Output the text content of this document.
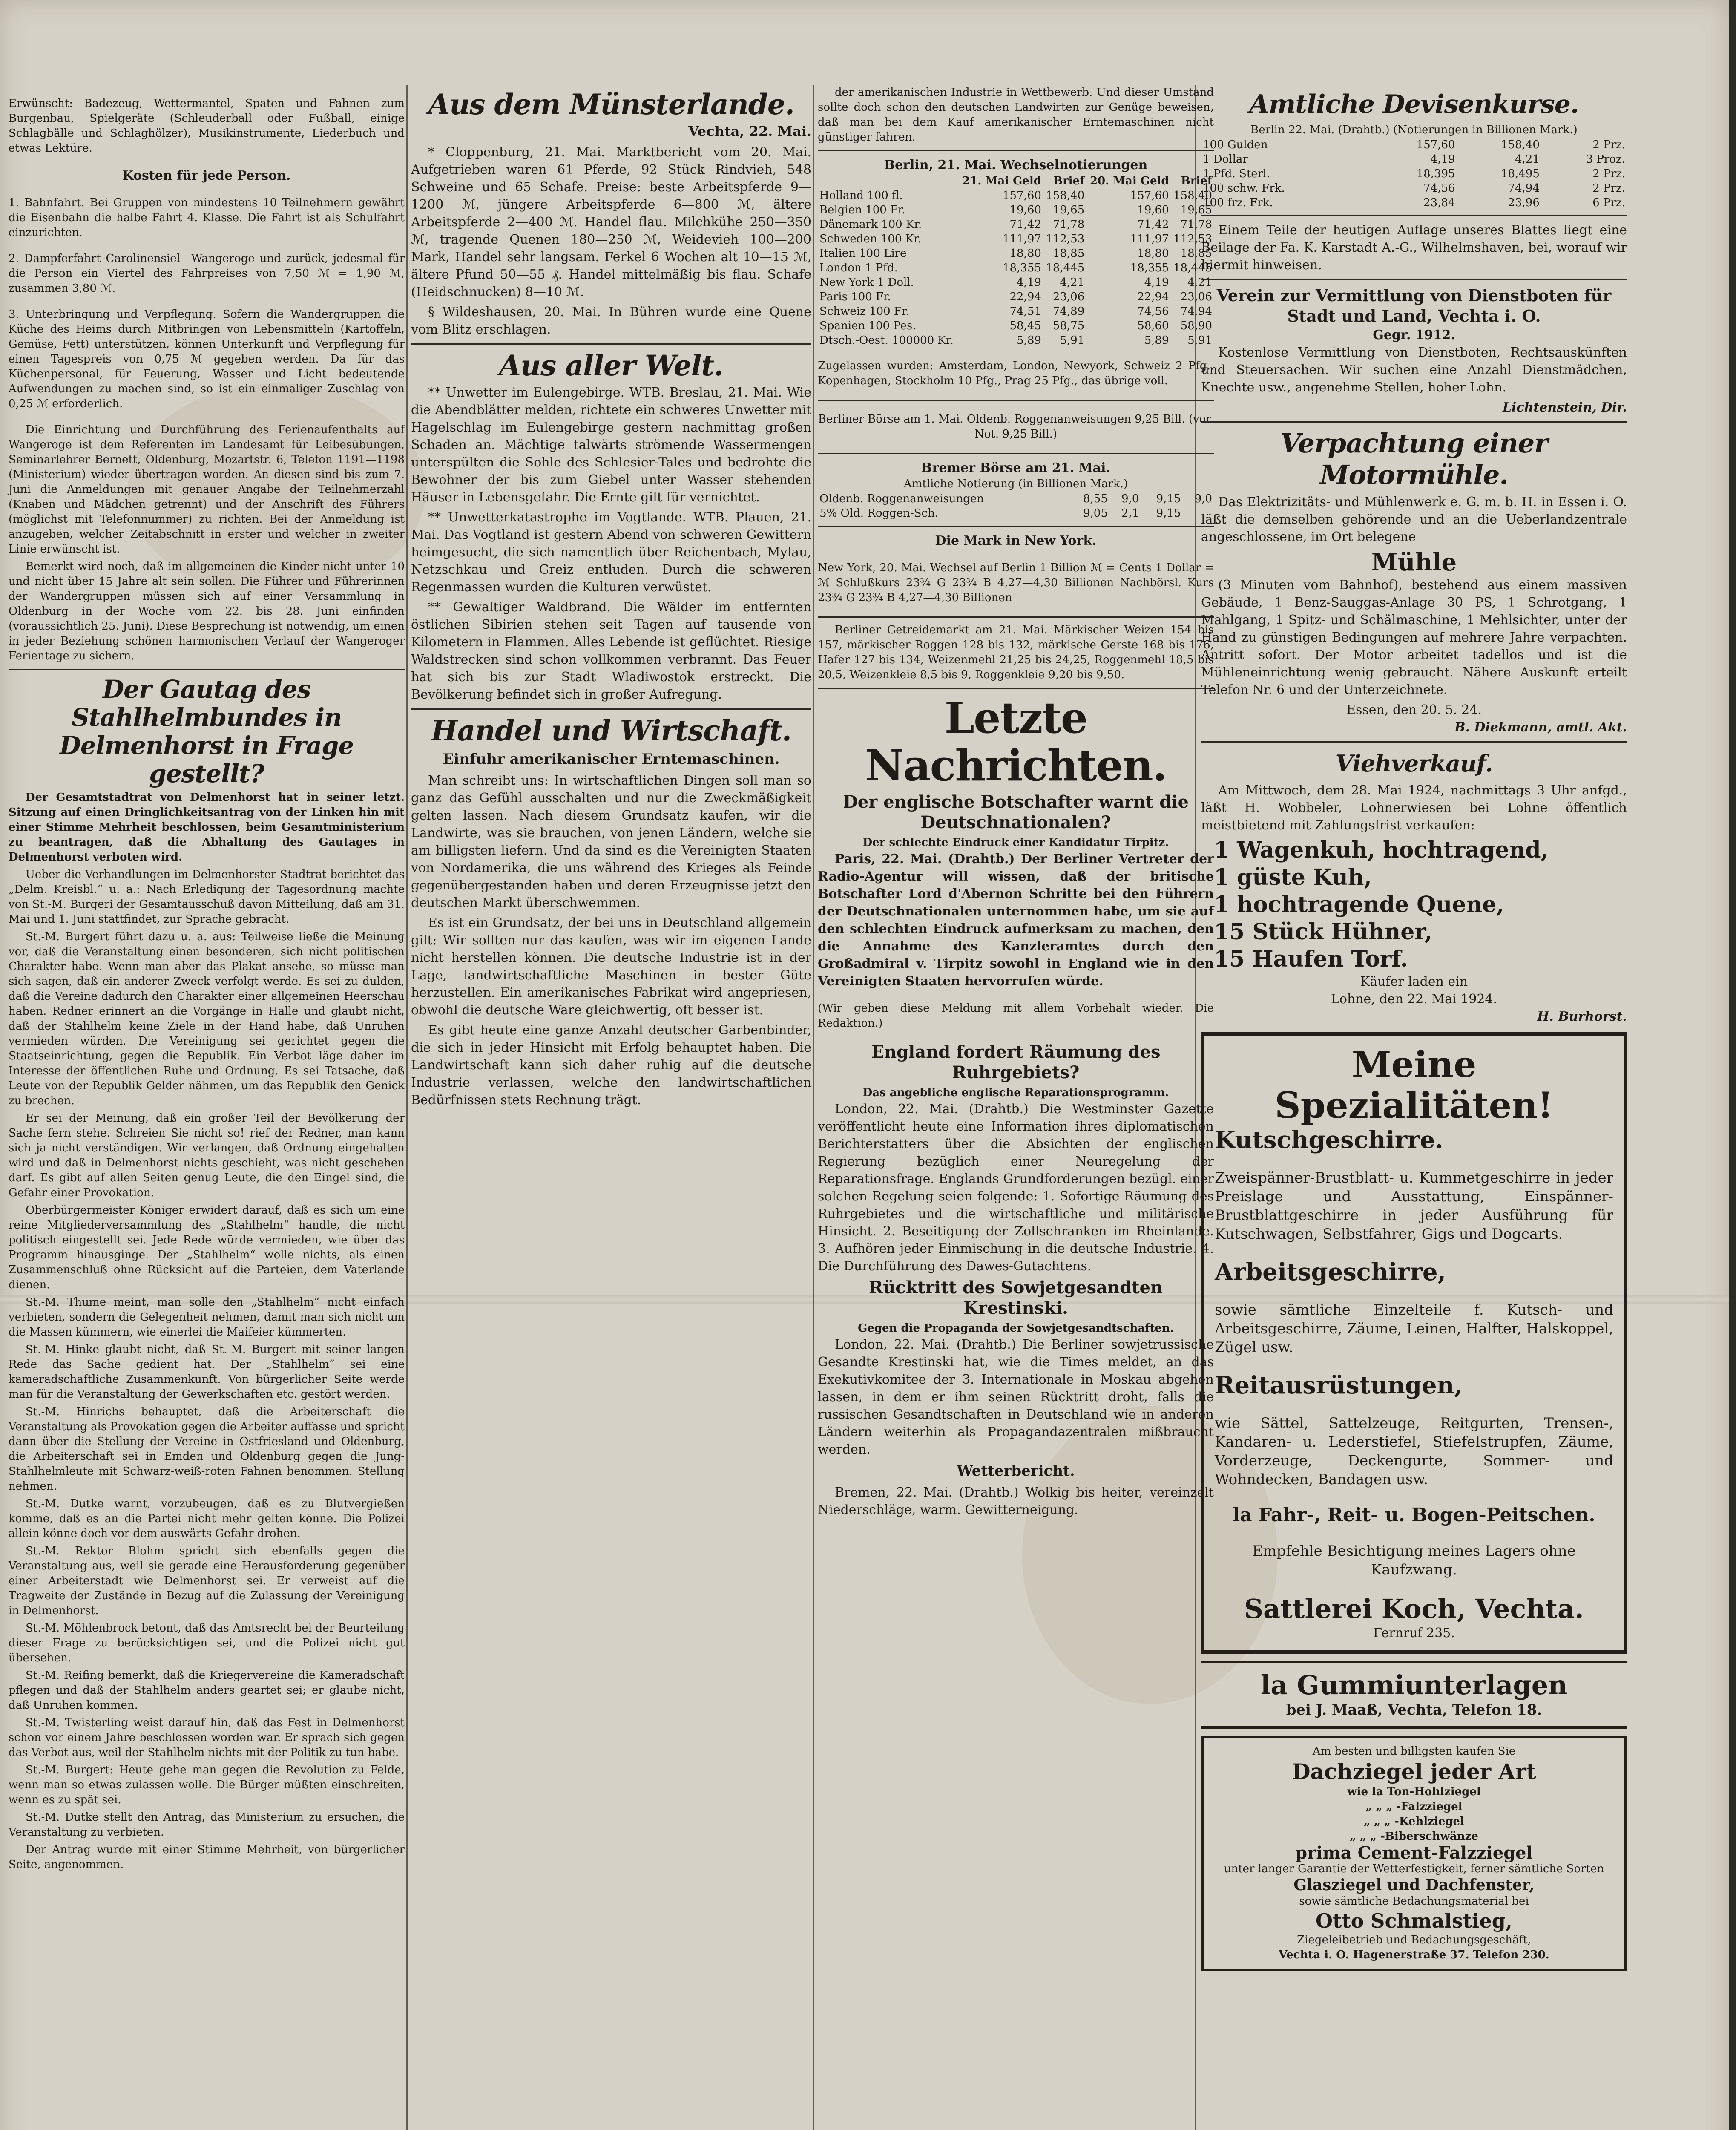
Erwünscht: Badezeug, Wettermantel, Spaten und Fahnen zum Burgenbau, Spielgeräte (Schleuderball oder Fußball, einige Schlagbälle und Schlaghölzer), Musikinstrumente, Liederbuch und etwas Lektüre.

Kosten für jede Person.

1. Bahnfahrt. Bei Gruppen von mindestens 10 Teilnehmern gewährt die Eisenbahn die halbe Fahrt 4. Klasse. Die Fahrt ist als Schulfahrt einzurichten.

2. Dampferfahrt Carolinensiel—Wangeroge und zurück, jedesmal für die Person ein Viertel des Fahrpreises von 7,50 ℳ = 1,90 ℳ, zusammen 3,80 ℳ.

3. Unterbringung und Verpflegung. Sofern die Wandergruppen die Küche des Heims durch Mitbringen von Lebensmitteln (Kartoffeln, Gemüse, Fett) unterstützen, können Unterkunft und Verpflegung für einen Tagespreis von 0,75 ℳ gegeben werden. Da für das Küchenpersonal, für Feuerung, Wasser und Licht bedeutende Aufwendungen zu machen sind, so ist ein einmaliger Zuschlag von 0,25 ℳ erforderlich.

Die Einrichtung und Durchführung des Ferienaufenthalts auf Wangeroge ist dem Referenten im Landesamt für Leibesübungen, Seminarlehrer Bernett, Oldenburg, Mozartstr. 6, Telefon 1191—1198 (Ministerium) wieder übertragen worden. An diesen sind bis zum 7. Juni die Anmeldungen mit genauer Angabe der Teilnehmerzahl (Knaben und Mädchen getrennt) und der Anschrift des Führers (möglichst mit Telefonnummer) zu richten. Bei der Anmeldung ist anzugeben, welcher Zeitabschnitt in erster und welcher in zweiter Linie erwünscht ist.

Bemerkt wird noch, daß im allgemeinen die Kinder nicht unter 10 und nicht über 15 Jahre alt sein sollen. Die Führer und Führerinnen der Wandergruppen müssen sich auf einer Versammlung in Oldenburg in der Woche vom 22. bis 28. Juni einfinden (voraussichtlich 25. Juni). Diese Besprechung ist notwendig, um einen in jeder Beziehung schönen harmonischen Verlauf der Wangeroger Ferientage zu sichern.

Der Gautag des Stahlhelmbundes in Delmenhorst in Frage gestellt?

Der Gesamtstadtrat von Delmenhorst hat in seiner letzt. Sitzung auf einen Dringlichkeitsantrag von der Linken hin mit einer Stimme Mehrheit beschlossen, beim Gesamtministerium zu beantragen, daß die Abhaltung des Gautages in Delmenhorst verboten wird.

Ueber die Verhandlungen im Delmenhorster Stadtrat berichtet das „Delm. Kreisbl.“ u. a.: Nach Erledigung der Tagesordnung machte von St.-M. Burgeri der Gesamtausschuß davon Mitteilung, daß am 31. Mai und 1. Juni stattfindet, zur Sprache gebracht.

St.-M. Burgert führt dazu u. a. aus: Teilweise ließe die Meinung vor, daß die Veranstaltung einen besonderen, sich nicht politischen Charakter habe. Wenn man aber das Plakat ansehe, so müsse man sich sagen, daß ein anderer Zweck verfolgt werde. Es sei zu dulden, daß die Vereine dadurch den Charakter einer allgemeinen Heerschau haben. Redner erinnert an die Vorgänge in Halle und glaubt nicht, daß der Stahlhelm keine Ziele in der Hand habe, daß Unruhen vermieden würden. Die Vereinigung sei gerichtet gegen die Staatseinrichtung, gegen die Republik. Ein Verbot läge daher im Interesse der öffentlichen Ruhe und Ordnung. Es sei Tatsache, daß Leute von der Republik Gelder nähmen, um das Republik den Genick zu brechen.

Er sei der Meinung, daß ein großer Teil der Bevölkerung der Sache fern stehe. Schreien Sie nicht so! rief der Redner, man kann sich ja nicht verständigen. Wir verlangen, daß Ordnung eingehalten wird und daß in Delmenhorst nichts geschieht, was nicht geschehen darf. Es gibt auf allen Seiten genug Leute, die den Eingel sind, die Gefahr einer Provokation.

Oberbürgermeister Königer erwidert darauf, daß es sich um eine reine Mitgliederversammlung des „Stahlhelm“ handle, die nicht politisch eingestellt sei. Jede Rede würde vermieden, wie über das Programm hinausginge. Der „Stahlhelm“ wolle nichts, als einen Zusammenschluß ohne Rücksicht auf die Parteien, dem Vaterlande dienen.

St.-M. Thume meint, man solle den „Stahlhelm“ nicht einfach verbieten, sondern die Gelegenheit nehmen, damit man sich nicht um die Massen kümmern, wie einerlei die Maifeier kümmerten.

St.-M. Hinke glaubt nicht, daß St.-M. Burgert mit seiner langen Rede das Sache gedient hat. Der „Stahlhelm“ sei eine kameradschaftliche Zusammenkunft. Von bürgerlicher Seite werde man für die Veranstaltung der Gewerkschaften etc. gestört werden.

St.-M. Hinrichs behauptet, daß die Arbeiterschaft die Veranstaltung als Provokation gegen die Arbeiter auffasse und spricht dann über die Stellung der Vereine in Ostfriesland und Oldenburg, die Arbeiterschaft sei in Emden und Oldenburg gegen die Jung-Stahlhelmleute mit Schwarz-weiß-roten Fahnen benommen. Stellung nehmen.

St.-M. Dutke warnt, vorzubeugen, daß es zu Blutvergießen komme, daß es an die Partei nicht mehr gelten könne. Die Polizei allein könne doch vor dem auswärts Gefahr drohen.

St.-M. Rektor Blohm spricht sich ebenfalls gegen die Veranstaltung aus, weil sie gerade eine Herausforderung gegenüber einer Arbeiterstadt wie Delmenhorst sei. Er verweist auf die Tragweite der Zustände in Bezug auf die Zulassung der Vereinigung in Delmenhorst.

St.-M. Möhlenbrock betont, daß das Amtsrecht bei der Beurteilung dieser Frage zu berücksichtigen sei, und die Polizei nicht gut übersehen.

St.-M. Reifing bemerkt, daß die Kriegervereine die Kameradschaft pflegen und daß der Stahlhelm anders geartet sei; er glaube nicht, daß Unruhen kommen.

St.-M. Twisterling weist darauf hin, daß das Fest in Delmenhorst schon vor einem Jahre beschlossen worden war. Er sprach sich gegen das Verbot aus, weil der Stahlhelm nichts mit der Politik zu tun habe.

St.-M. Burgert: Heute gehe man gegen die Revolution zu Felde, wenn man so etwas zulassen wolle. Die Bürger müßten einschreiten, wenn es zu spät sei.

St.-M. Dutke stellt den Antrag, das Ministerium zu ersuchen, die Veranstaltung zu verbieten.

Der Antrag wurde mit einer Stimme Mehrheit, von bürgerlicher Seite, angenommen.

Aus dem Münsterlande.
Vechta, 22. Mai.

* Cloppenburg, 21. Mai. Marktbericht vom 20. Mai. Aufgetrieben waren 61 Pferde, 92 Stück Rindvieh, 548 Schweine und 65 Schafe. Preise: beste Arbeitspferde 9—1200 ℳ, jüngere Arbeitspferde 6—800 ℳ, ältere Arbeitspferde 2—400 ℳ. Handel flau. Milchkühe 250—350 ℳ, tragende Quenen 180—250 ℳ, Weidevieh 100—200 Mark, Handel sehr langsam. Ferkel 6 Wochen alt 10—15 ℳ, ältere Pfund 50—55 ₰. Handel mittelmäßig bis flau. Schafe (Heidschnucken) 8—10 ℳ.

§ Wildeshausen, 20. Mai. In Bühren wurde eine Quene vom Blitz erschlagen.

Aus aller Welt.

** Unwetter im Eulengebirge. WTB. Breslau, 21. Mai. Wie die Abendblätter melden, richtete ein schweres Unwetter mit Hagelschlag im Eulengebirge gestern nachmittag großen Schaden an. Mächtige talwärts strömende Wassermengen unterspülten die Sohle des Schlesier-Tales und bedrohte die Bewohner der bis zum Giebel unter Wasser stehenden Häuser in Lebensgefahr. Die Ernte gilt für vernichtet.

** Unwetterkatastrophe im Vogtlande. WTB. Plauen, 21. Mai. Das Vogtland ist gestern Abend von schweren Gewittern heimgesucht, die sich namentlich über Reichenbach, Mylau, Netzschkau und Greiz entluden. Durch die schweren Regenmassen wurden die Kulturen verwüstet.

** Gewaltiger Waldbrand. Die Wälder im entfernten östlichen Sibirien stehen seit Tagen auf tausende von Kilometern in Flammen. Alles Lebende ist geflüchtet. Riesige Waldstrecken sind schon vollkommen verbrannt. Das Feuer hat sich bis zur Stadt Wladiwostok erstreckt. Die Bevölkerung befindet sich in großer Aufregung.

Handel und Wirtschaft.
Einfuhr amerikanischer Erntemaschinen.

Man schreibt uns: In wirtschaftlichen Dingen soll man so ganz das Gefühl ausschalten und nur die Zweckmäßigkeit gelten lassen. Nach diesem Grundsatz kaufen, wir die Landwirte, was sie brauchen, von jenen Ländern, welche sie am billigsten liefern. Und da sind es die Vereinigten Staaten von Nordamerika, die uns während des Krieges als Feinde gegenübergestanden haben und deren Erzeugnisse jetzt den deutschen Markt überschwemmen.

Es ist ein Grundsatz, der bei uns in Deutschland allgemein gilt: Wir sollten nur das kaufen, was wir im eigenen Lande nicht herstellen können. Die deutsche Industrie ist in der Lage, landwirtschaftliche Maschinen in bester Güte herzustellen. Ein amerikanisches Fabrikat wird angepriesen, obwohl die deutsche Ware gleichwertig, oft besser ist.

Es gibt heute eine ganze Anzahl deutscher Garbenbinder, die sich in jeder Hinsicht mit Erfolg behauptet haben. Die Landwirtschaft kann sich daher ruhig auf die deutsche Industrie verlassen, welche den landwirtschaftlichen Bedürfnissen stets Rechnung trägt.

der amerikanischen Industrie in Wettbewerb. Und dieser Umstand sollte doch schon den deutschen Landwirten zur Genüge beweisen, daß man bei dem Kauf amerikanischer Erntemaschinen nicht günstiger fahren.

Berlin, 21. Mai. Wechselnotierungen
	21. Mai Geld	Brief	20. Mai Geld	Brief
Holland 100 fl.	157,60	158,40	157,60	158,40
Belgien 100 Fr.	19,60	19,65	19,60	19,65
Dänemark 100 Kr.	71,42	71,78	71,42	71,78
Schweden 100 Kr.	111,97	112,53	111,97	112,53
Italien 100 Lire	18,80	18,85	18,80	18,85
London 1 Pfd.	18,355	18,445	18,355	18,445
New York 1 Doll.	4,19	4,21	4,19	4,21
Paris 100 Fr.	22,94	23,06	22,94	23,06
Schweiz 100 Fr.	74,51	74,89	74,56	74,94
Spanien 100 Pes.	58,45	58,75	58,60	58,90
Dtsch.-Oest. 100000 Kr.	5,89	5,91	5,89	5,91

Zugelassen wurden: Amsterdam, London, Newyork, Schweiz 2 Pfg., Kopenhagen, Stockholm 10 Pfg., Prag 25 Pfg., das übrige voll.

Berliner Börse am 1. Mai. Oldenb. Roggenanweisungen 9,25 Bill. (vor. Not. 9,25 Bill.)

Bremer Börse am 21. Mai.
Amtliche Notierung (in Billionen Mark.)
Oldenb. Roggenanweisungen	8,55	9,0	9,15	9,0
5% Old. Roggen-Sch.	9,05	2,1	9,15	
Die Mark in New York.

New York, 20. Mai. Wechsel auf Berlin 1 Billion ℳ = Cents 1 Dollar = ℳ Schlußkurs 23¾ G 23¾ B 4,27—4,30 Billionen Nachbörsl. Kurs 23¾ G 23¾ B 4,27—4,30 Billionen

Berliner Getreidemarkt am 21. Mai. Märkischer Weizen 154 bis 157, märkischer Roggen 128 bis 132, märkische Gerste 168 bis 176, Hafer 127 bis 134, Weizenmehl 21,25 bis 24,25, Roggenmehl 18,5 bis 20,5, Weizenkleie 8,5 bis 9, Roggenkleie 9,20 bis 9,50.

Letzte Nachrichten.
Der englische Botschafter warnt die Deutschnationalen?
Der schlechte Eindruck einer Kandidatur Tirpitz.

Paris, 22. Mai. (Drahtb.) Der Berliner Vertreter der Radio-Agentur will wissen, daß der britische Botschafter Lord d'Abernon Schritte bei den Führern der Deutschnationalen unternommen habe, um sie auf den schlechten Eindruck aufmerksam zu machen, den die Annahme des Kanzleramtes durch den Großadmiral v. Tirpitz sowohl in England wie in den Vereinigten Staaten hervorrufen würde.

(Wir geben diese Meldung mit allem Vorbehalt wieder. Die Redaktion.)

England fordert Räumung des Ruhrgebiets?
Das angebliche englische Reparationsprogramm.

London, 22. Mai. (Drahtb.) Die Westminster Gazette veröffentlicht heute eine Information ihres diplomatischen Berichterstatters über die Absichten der englischen Regierung bezüglich einer Neuregelung der Reparationsfrage. Englands Grundforderungen bezügl. einer solchen Regelung seien folgende: 1. Sofortige Räumung des Ruhrgebietes und die wirtschaftliche und militärische Hinsicht. 2. Beseitigung der Zollschranken im Rheinlande. 3. Aufhören jeder Einmischung in die deutsche Industrie. 4. Die Durchführung des Dawes-Gutachtens.

Rücktritt des Sowjetgesandten Krestinski.
Gegen die Propaganda der Sowjetgesandtschaften.

London, 22. Mai. (Drahtb.) Die Berliner sowjetrussische Gesandte Krestinski hat, wie die Times meldet, an das Exekutivkomitee der 3. Internationale in Moskau abgehen lassen, in dem er ihm seinen Rücktritt droht, falls die russischen Gesandtschaften in Deutschland wie in anderen Ländern weiterhin als Propagandazentralen mißbraucht werden.

Wetterbericht.

Bremen, 22. Mai. (Drahtb.) Wolkig bis heiter, vereinzelt Niederschläge, warm. Gewitterneigung.

Amtliche Devisenkurse.
Berlin 22. Mai. (Drahtb.) (Notierungen in Billionen Mark.)
100 Gulden	157,60	158,40	2 Prz.
1 Dollar	4,19	4,21	3 Proz.
1 Pfd. Sterl.	18,395	18,495	2 Prz.
100 schw. Frk.	74,56	74,94	2 Prz.
100 frz. Frk.	23,84	23,96	6 Prz.

Einem Teile der heutigen Auflage unseres Blattes liegt eine Beilage der Fa. K. Karstadt A.-G., Wilhelmshaven, bei, worauf wir hiermit hinweisen.

Verein zur Vermittlung von Dienstboten für Stadt und Land, Vechta i. O.
Gegr. 1912.

Kostenlose Vermittlung von Dienstboten, Rechtsauskünften und Steuersachen. Wir suchen eine Anzahl Dienstmädchen, Knechte usw., angenehme Stellen, hoher Lohn.

Lichtenstein, Dir.
Verpachtung einer Motormühle.

Das Elektrizitäts- und Mühlenwerk e. G. m. b. H. in Essen i. O. läßt die demselben gehörende und an die Ueberlandzentrale angeschlossene, im Ort belegene

Mühle

(3 Minuten vom Bahnhof), bestehend aus einem massiven Gebäude, 1 Benz-Sauggas-Anlage 30 PS, 1 Schrotgang, 1 Mahlgang, 1 Spitz- und Schälmaschine, 1 Mehlsichter, unter der Hand zu günstigen Bedingungen auf mehrere Jahre verpachten. Antritt sofort. Der Motor arbeitet tadellos und ist die Mühleneinrichtung wenig gebraucht. Nähere Auskunft erteilt Telefon Nr. 6 und der Unterzeichnete.

Essen, den 20. 5. 24.
B. Diekmann, amtl. Akt.
Viehverkauf.

Am Mittwoch, dem 28. Mai 1924, nachmittags 3 Uhr anfgd., läßt H. Wobbeler, Lohnerwiesen bei Lohne öffentlich meistbietend mit Zahlungsfrist verkaufen:

1 Wagenkuh, hochtragend,
1 güste Kuh,
1 hochtragende Quene,
15 Stück Hühner,
15 Haufen Torf.
Käufer laden ein
Lohne, den 22. Mai 1924.
H. Burhorst.
Meine Spezialitäten!
Kutschgeschirre.

Zweispänner-Brustblatt- u. Kummetgeschirre in jeder Preislage und Ausstattung, Einspänner-Brustblattgeschirre in jeder Ausführung für Kutschwagen, Selbstfahrer, Gigs und Dogcarts.

Arbeitsgeschirre,

sowie sämtliche Einzelteile f. Kutsch- und Arbeitsgeschirre, Zäume, Leinen, Halfter, Halskoppel, Zügel usw.

Reitausrüstungen,

wie Sättel, Sattelzeuge, Reitgurten, Trensen-, Kandaren- u. Lederstiefel, Stiefelstrupfen, Zäume, Vorderzeuge, Deckengurte, Sommer- und Wohndecken, Bandagen usw.

la Fahr-, Reit- u. Bogen-Peitschen.

Empfehle Besichtigung meines Lagers ohne Kaufzwang.

Sattlerei Koch, Vechta.
Fernruf 235.
la Gummiunterlagen
bei J. Maaß, Vechta, Telefon 18.
Am besten und billigsten kaufen Sie
Dachziegel jeder Art
wie la Ton-Hohlziegel
„ „ „ -Falzziegel
„ „ „ -Kehlziegel
„ „ „ -Biberschwänze
prima Cement-Falzziegel
unter langer Garantie der Wetterfestigkeit, ferner sämtliche Sorten
Glasziegel und Dachfenster,
sowie sämtliche Bedachungsmaterial bei
Otto Schmalstieg,
Ziegeleibetrieb und Bedachungsgeschäft,
Vechta i. O. Hagenerstraße 37. Telefon 230.
